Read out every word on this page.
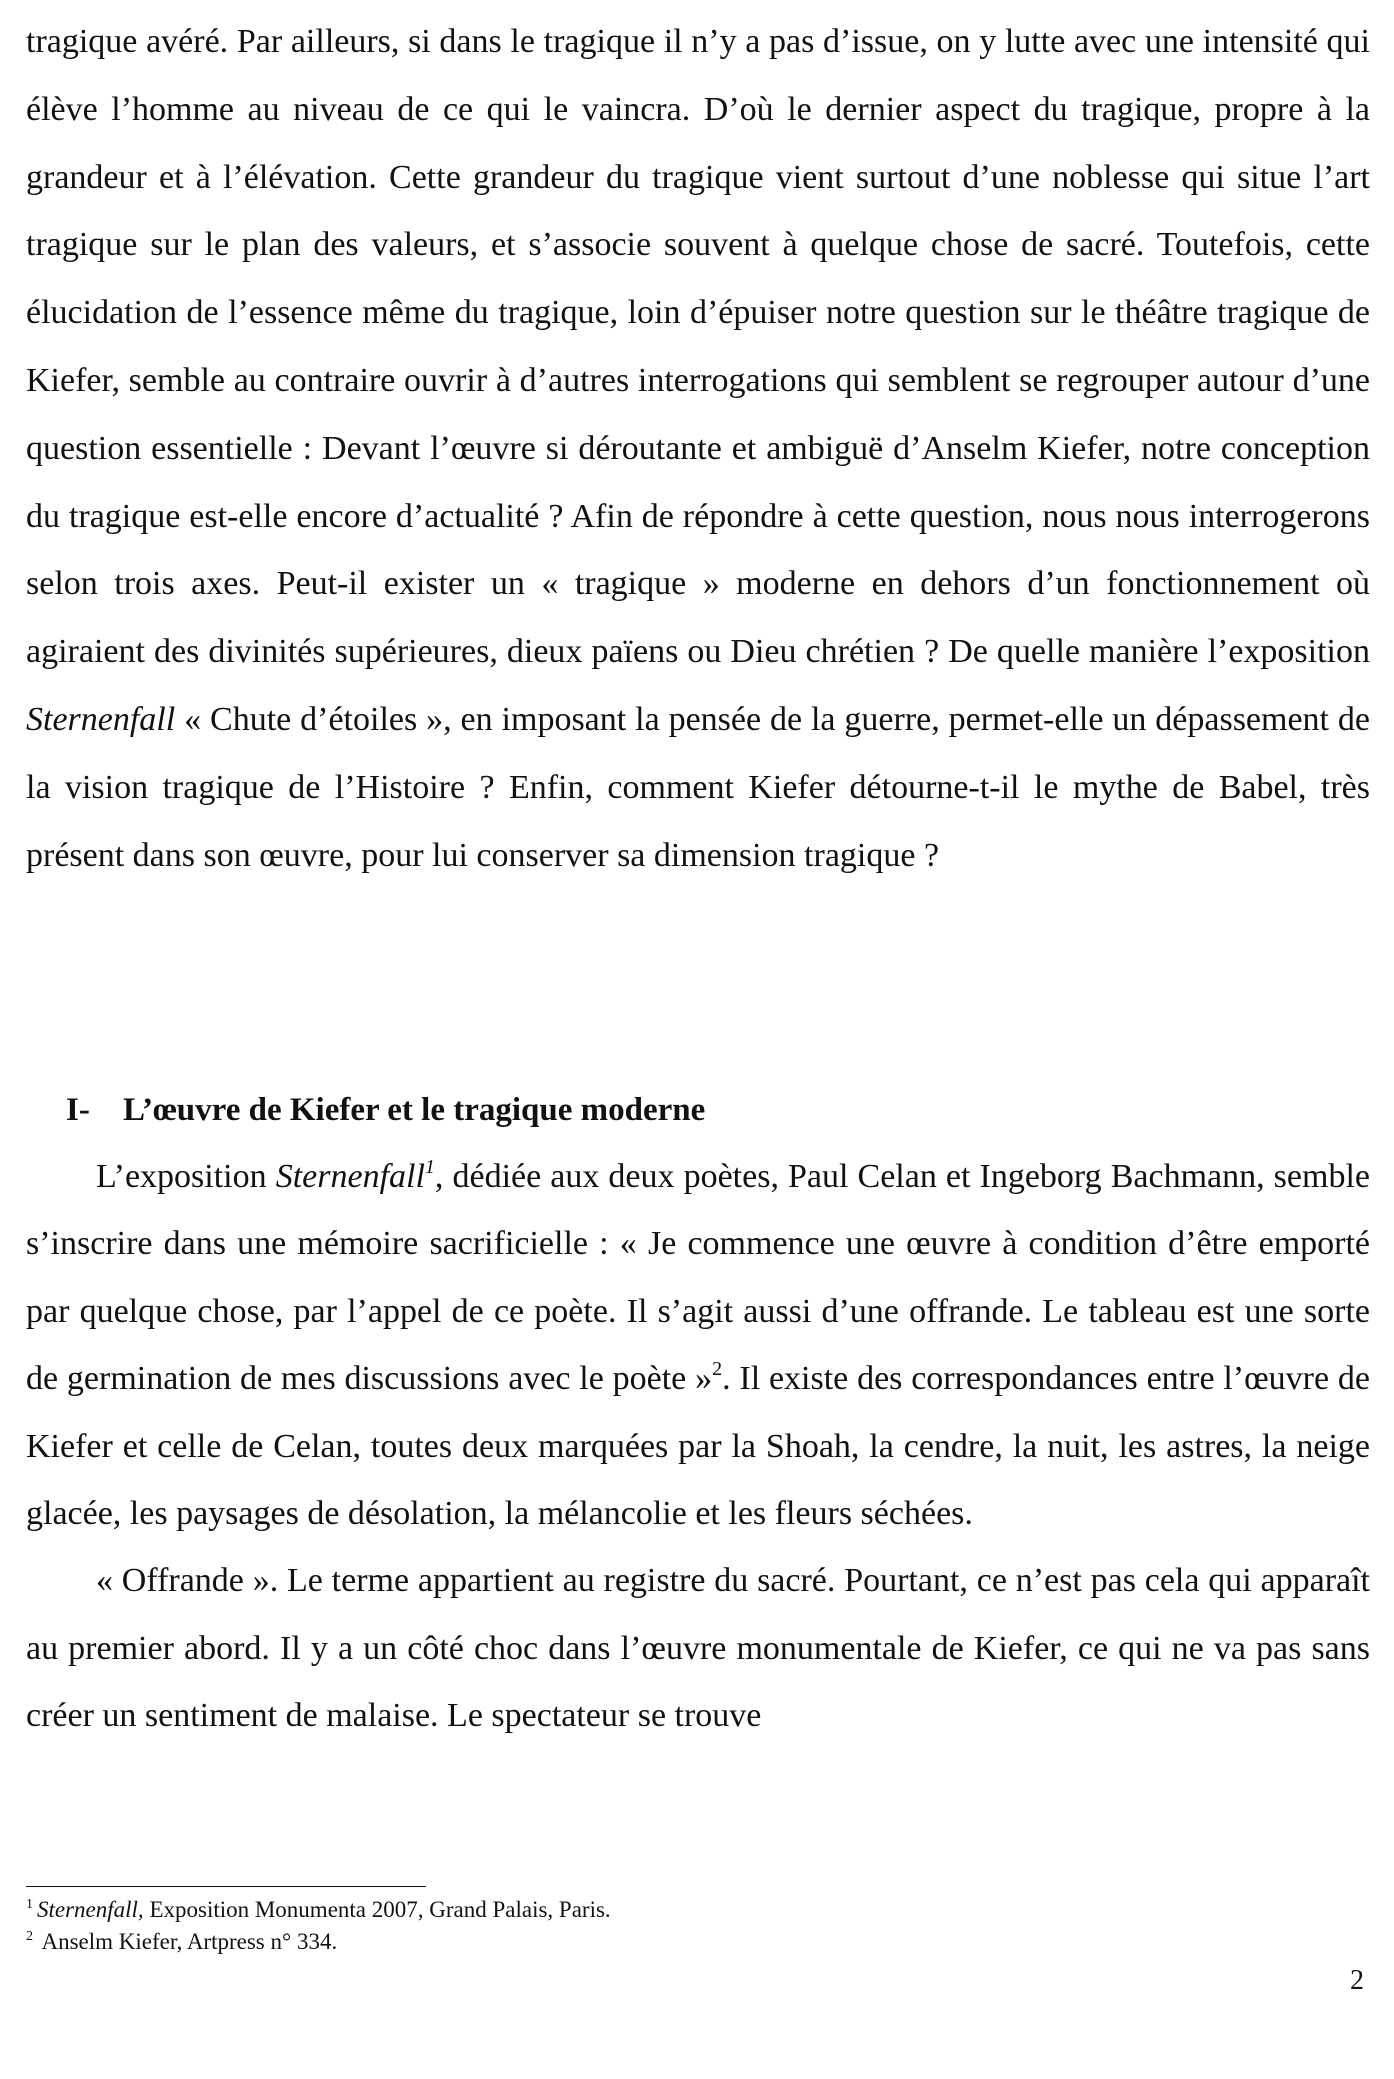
tragique avéré. Par ailleurs, si dans le tragique il n’y a pas d’issue, on y lutte avec une intensité qui élève l’homme au niveau de ce qui le vaincra. D’où le dernier aspect du tragique, propre à la grandeur et à l’élévation. Cette grandeur du tragique vient surtout d’une noblesse qui situe l’art tragique sur le plan des valeurs, et s’associe souvent à quelque chose de sacré. Toutefois, cette élucidation de l’essence même du tragique, loin d’épuiser notre question sur le théâtre tragique de Kiefer, semble au contraire ouvrir à d’autres interrogations qui semblent se regrouper autour d’une question essentielle : Devant l’œuvre si déroutante et ambiguë d’Anselm Kiefer, notre conception du tragique est-elle encore d’actualité ? Afin de répondre à cette question, nous nous interrogerons selon trois axes. Peut-il exister un « tragique » moderne en dehors d’un fonctionnement où agiraient des divinités supérieures, dieux païens ou Dieu chrétien ? De quelle manière l’exposition Sternenfall « Chute d’étoiles », en imposant la pensée de la guerre, permet-elle un dépassement de la vision tragique de l’Histoire ? Enfin, comment Kiefer détourne-t-il le mythe de Babel, très présent dans son œuvre, pour lui conserver sa dimension tragique ?

I- L’œuvre de Kiefer et le tragique moderne

L’exposition Sternenfall$^1$, dédiée aux deux poètes, Paul Celan et Ingeborg Bachmann, semble s’inscrire dans une mémoire sacrificielle : « Je commence une œuvre à condition d’être emporté par quelque chose, par l’appel de ce poète. Il s’agit aussi d’une offrande. Le tableau est une sorte de germination de mes discussions avec le poète »$^2$. Il existe des correspondances entre l’œuvre de Kiefer et celle de Celan, toutes deux marquées par la Shoah, la cendre, la nuit, les astres, la neige glacée, les paysages de désolation, la mélancolie et les fleurs séchées.

« Offrande ». Le terme appartient au registre du sacré. Pourtant, ce n’est pas cela qui apparaît au premier abord. Il y a un côté choc dans l’œuvre monumentale de Kiefer, ce qui ne va pas sans créer un sentiment de malaise. Le spectateur se trouve

$^1$ Sternenfall, Exposition Monumenta 2007, Grand Palais, Paris.
$^2$ Anselm Kiefer, Artpress n° 334.
2
